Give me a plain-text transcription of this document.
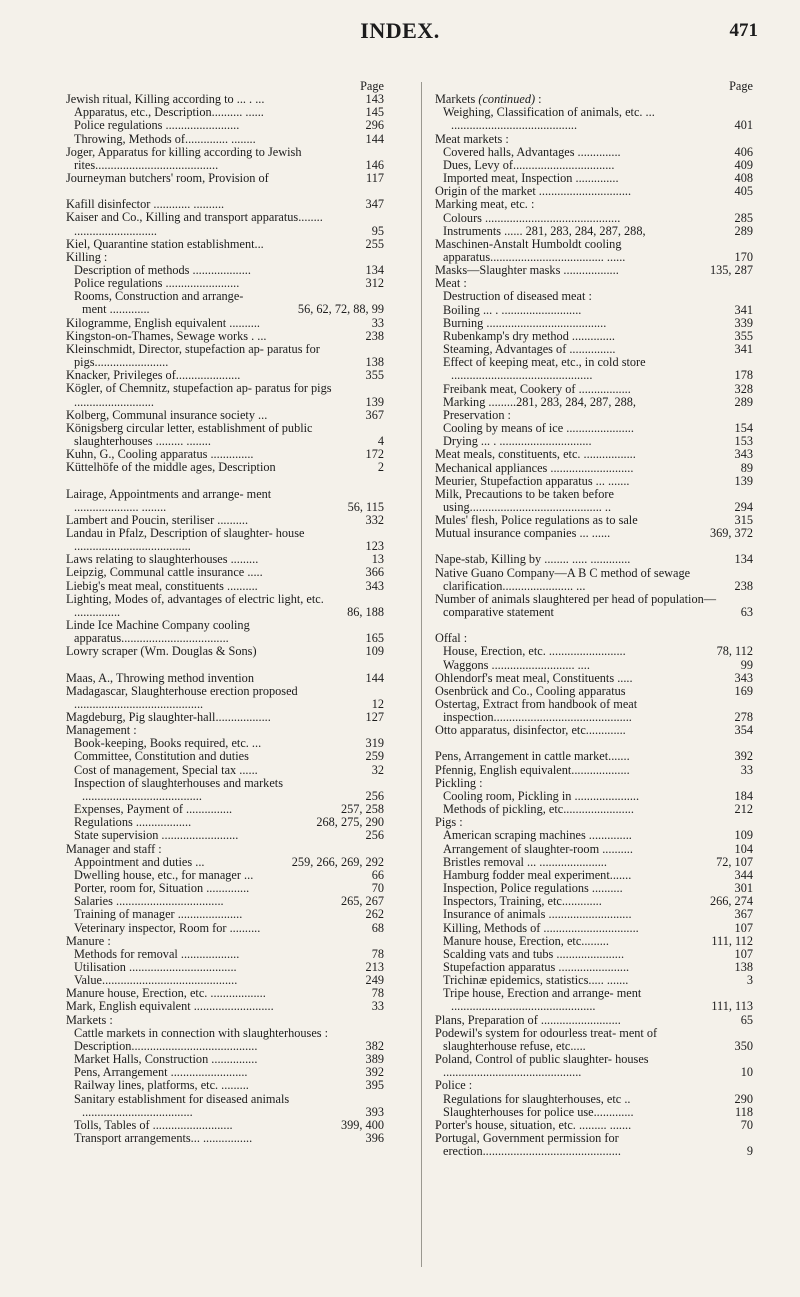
INDEX.	471
Page
Jewish ritual, Killing according to ... . ...	143
Apparatus, etc., Description.......... ......	145
Police regulations ........................	296
Throwing, Methods of.............. ........	144
Joger, Apparatus for killing according to Jewish rites........................................	146
Journeyman butchers' room, Provision of	117
Kafill disinfector ............ ..........	347
Kaiser and Co., Killing and transport apparatus........ ...........................	95
Kiel, Quarantine station establishment...	255
Killing :
Description of methods ...................	134
Police regulations ........................	312
Rooms, Construction and arrange- ment .............	56, 62, 72, 88, 99
Kilogramme, English equivalent ..........	33
Kingston-on-Thames, Sewage works . ...	238
Kleinschmidt, Director, stupefaction ap- paratus for pigs........................	138
Knacker, Privileges of.....................	355
Kögler, of Chemnitz, stupefaction ap- paratus for pigs ..........................	139
Kolberg, Communal insurance society ...	367
Königsberg circular letter, establishment of public slaughterhouses ......... ........	4
Kuhn, G., Cooling apparatus ..............	172
Küttelhöfe of the middle ages, Description	2
Lairage, Appointments and arrange- ment ..................... ........	56, 115
Lambert and Poucin, steriliser ..........	332
Landau in Pfalz, Description of slaughter- house ......................................	123
Laws relating to slaughterhouses .........	13
Leipzig, Communal cattle insurance .....	366
Liebig's meat meal, constituents ..........	343
Lighting, Modes of, advantages of electric light, etc. ...............	86, 188
Linde Ice Machine Company cooling apparatus...................................	165
Lowry scraper (Wm. Douglas & Sons)	109
Maas, A., Throwing method invention	144
Madagascar, Slaughterhouse erection proposed ..........................................	12
Magdeburg, Pig slaughter-hall..................	127
Management :
Book-keeping, Books required, etc. ...	319
Committee, Constitution and duties	259
Cost of management, Special tax ......	32
Inspection of slaughterhouses and markets .......................................	256
Expenses, Payment of ...............	257, 258
Regulations ..................	268, 275, 290
State supervision .........................	256
Manager and staff :
Appointment and duties ...	259, 266, 269, 292
Dwelling house, etc., for manager ...	66
Porter, room for, Situation ..............	70
Salaries ...................................	265, 267
Training of manager .....................	262
Veterinary inspector, Room for ..........	68
Manure :
Methods for removal ...................	78
Utilisation ...................................	213
Value............................................	249
Manure house, Erection, etc. ..................	78
Mark, English equivalent ..........................	33
Markets :
Cattle markets in connection with slaughterhouses :
Description.........................................	382
Market Halls, Construction ...............	389
Pens, Arrangement .........................	392
Railway lines, platforms, etc. .........	395
Sanitary establishment for diseased animals ....................................	393
Tolls, Tables of ..........................	399, 400
Transport arrangements... ................	396
Page
Markets (continued) :
Weighing, Classification of animals, etc. ... .........................................	401
Meat markets :
Covered halls, Advantages ..............	406
Dues, Levy of.................................	409
Imported meat, Inspection ..............	408
Origin of the market ..............................	405
Marking meat, etc. :
Colours ............................................	285
Instruments ...... 281, 283, 284, 287, 288,	289
Maschinen-Anstalt Humboldt cooling apparatus..................................... ......	170
Masks—Slaughter masks ..................	135, 287
Meat :
Destruction of diseased meat :
Boiling ... . ..........................	341
Burning .......................................	339
Rubenkamp's dry method ..............	355
Steaming, Advantages of ...............	341
Effect of keeping meat, etc., in cold store ..............................................	178
Freibank meat, Cookery of .................	328
Marking .........281, 283, 284, 287, 288,	289
Preservation :
Cooling by means of ice ......................	154
Drying ... . ..............................	153
Meat meals, constituents, etc. .................	343
Mechanical appliances ...........................	89
Meurier, Stupefaction apparatus ... .......	139
Milk, Precautions to be taken before using........................................... ..	294
Mules' flesh, Police regulations as to sale	315
Mutual insurance companies ... ......	369, 372
Nape-stab, Killing by ........ ..... .............	134
Native Guano Company—A B C method of sewage clarification....................... ...	238
Number of animals slaughtered per head of population—comparative statement	63
Offal :
House, Erection, etc. .........................	78, 112
Waggons ........................... ....	99
Ohlendorf's meat meal, Constituents .....	343
Osenbrück and Co., Cooling apparatus	169
Ostertag, Extract from handbook of meat inspection.............................................	278
Otto apparatus, disinfector, etc.............	354
Pens, Arrangement in cattle market.......	392
Pfennig, English equivalent...................	33
Pickling :
Cooling room, Pickling in .....................	184
Methods of pickling, etc.......................	212
Pigs :
American scraping machines ..............	109
Arrangement of slaughter-room ..........	104
Bristles removal ... ......................	72, 107
Hamburg fodder meal experiment.......	344
Inspection, Police regulations ..........	301
Inspectors, Training, etc.............	266, 274
Insurance of animals ...........................	367
Killing, Methods of ...............................	107
Manure house, Erection, etc.........	111, 112
Scalding vats and tubs ......................	107
Stupefaction apparatus .......................	138
Trichinæ epidemics, statistics..... .......	3
Tripe house, Erection and arrange- ment ...............................................	111, 113
Plans, Preparation of ..........................	65
Podewil's system for odourless treat- ment of slaughterhouse refuse, etc.....	350
Poland, Control of public slaughter- houses .............................................	10
Police :
Regulations for slaughterhouses, etc ..	290
Slaughterhouses for police use.............	118
Porter's house, situation, etc. ......... .......	70
Portugal, Government permission for erection.............................................	9
